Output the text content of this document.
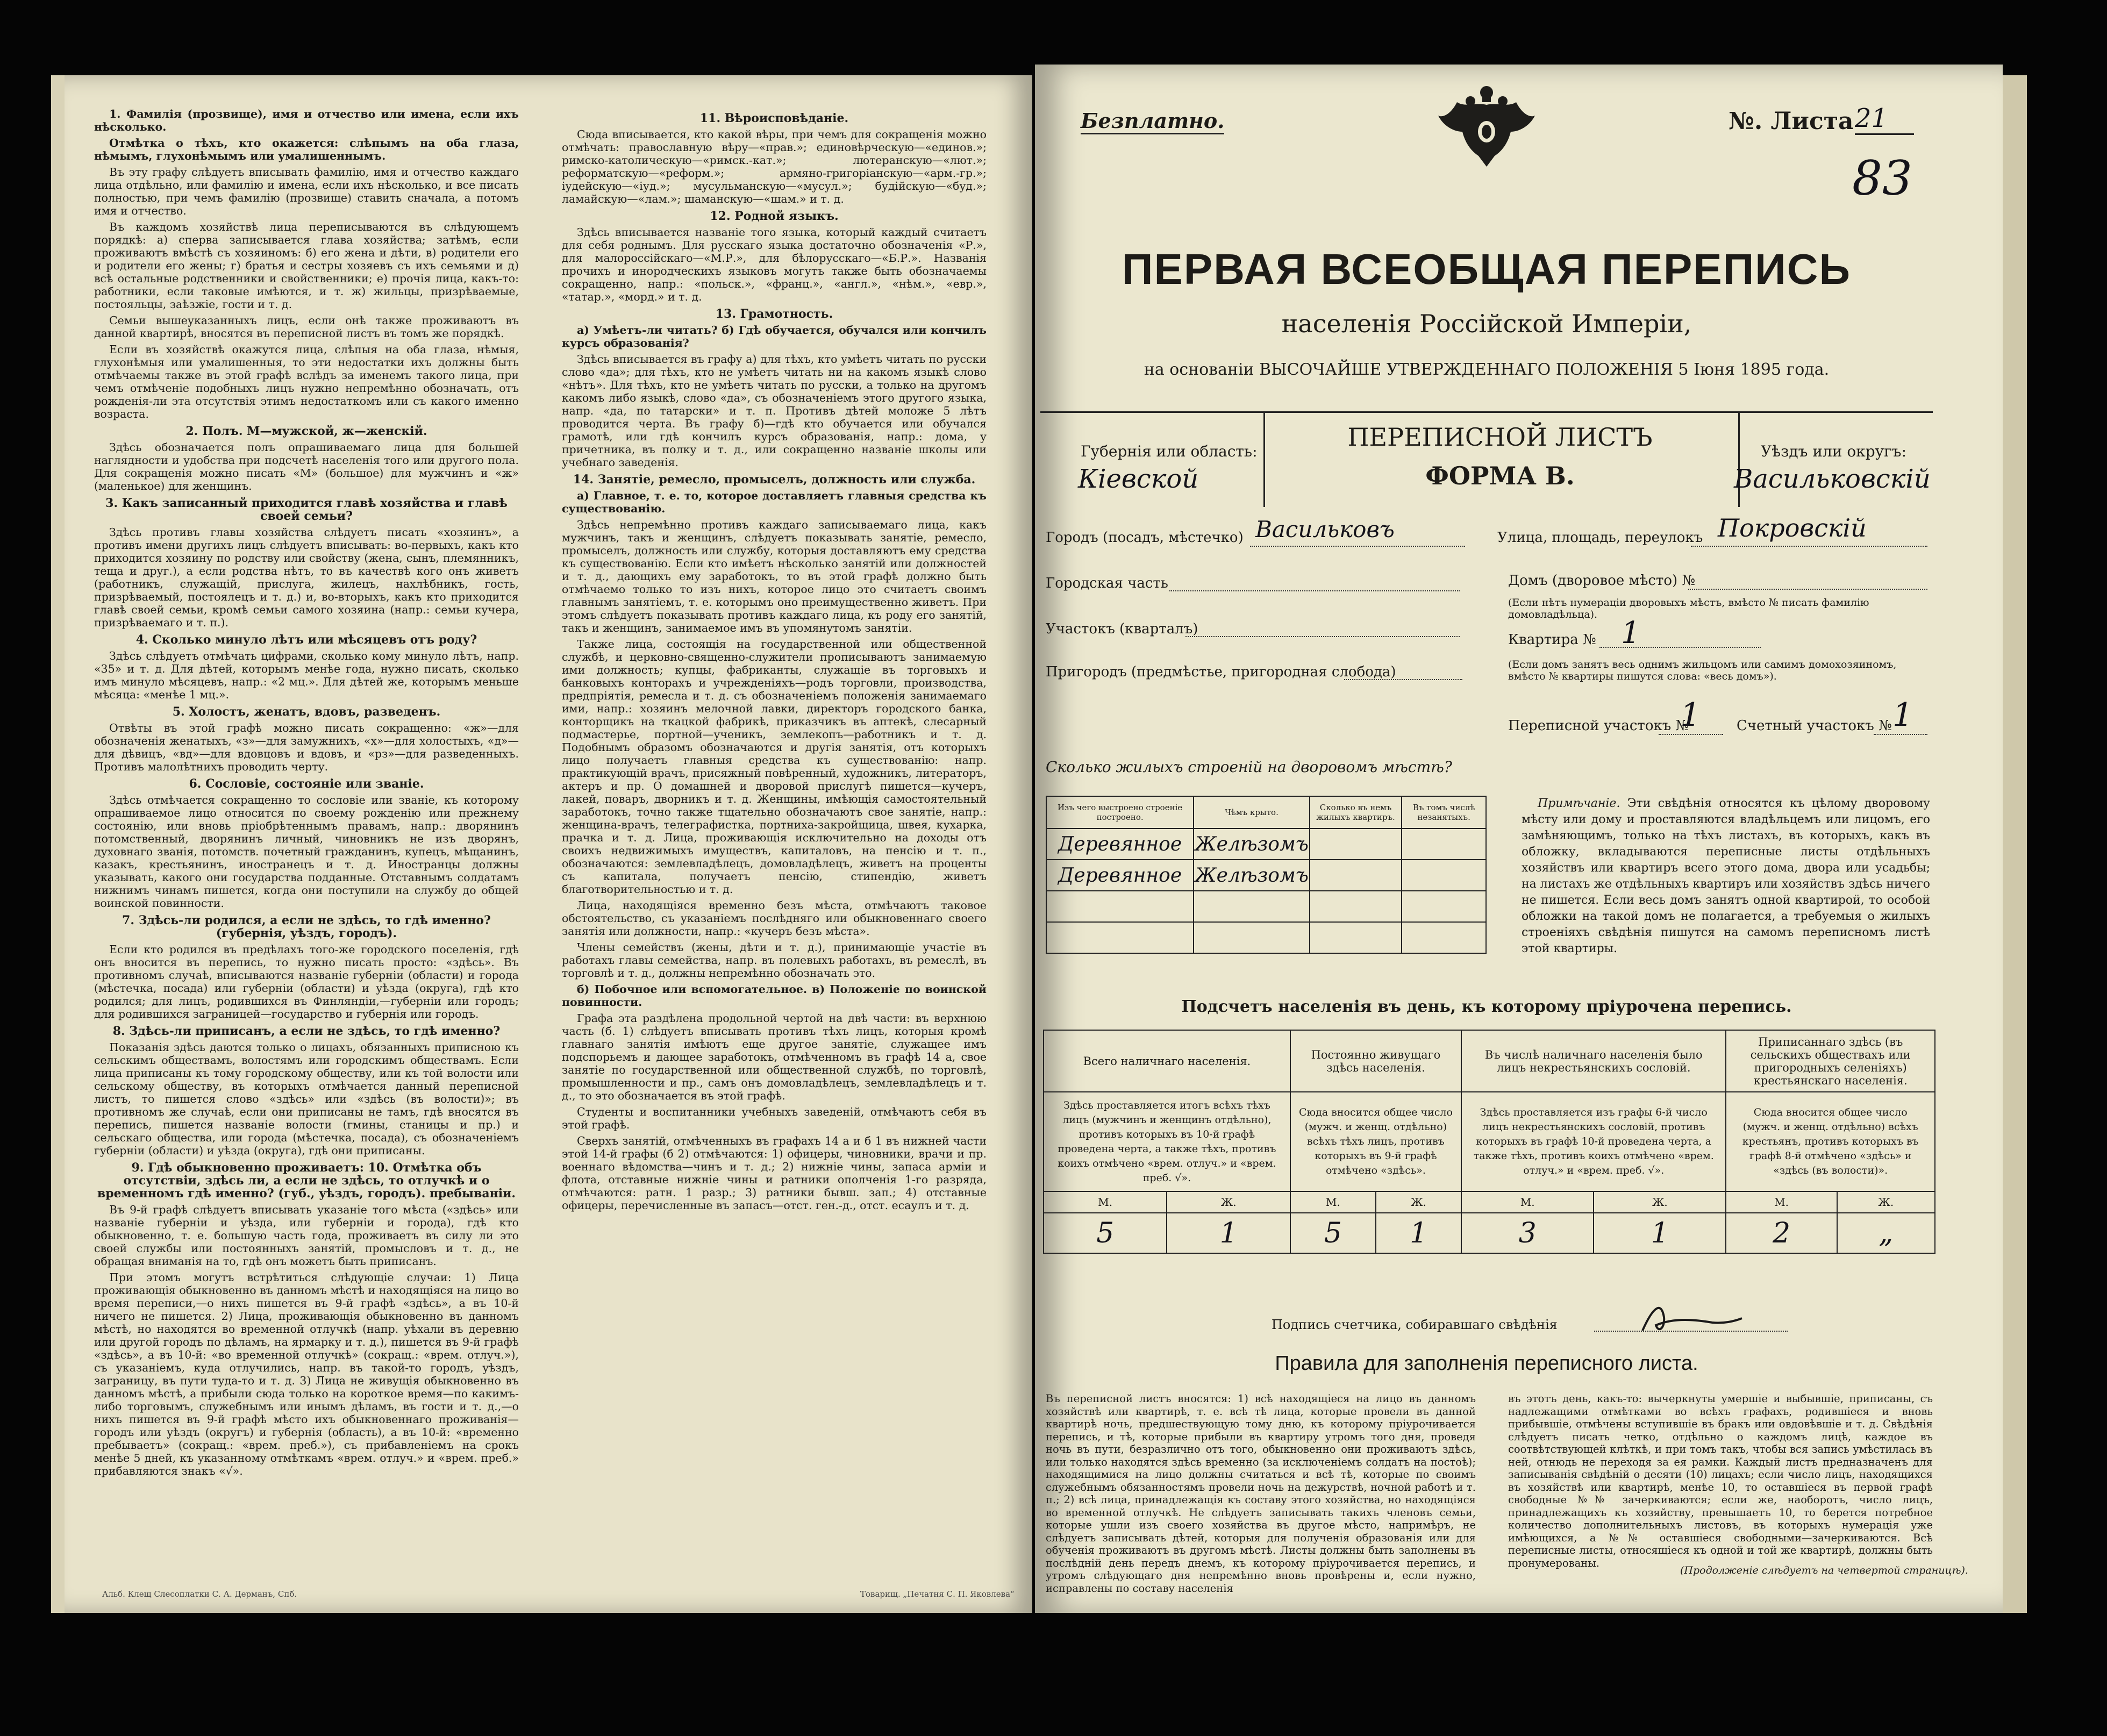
1. Фамилія (прозвище), имя и отчество или имена, если ихъ нѣсколько.

Отмѣтка о тѣхъ, кто окажется: слѣпымъ на оба глаза, нѣмымъ, глухонѣмымъ или умалишеннымъ.

Въ эту графу слѣдуетъ вписывать фамилію, имя и отчество каждаго лица отдѣльно, или фамилію и имена, если ихъ нѣсколько, и все писать полностью, при чемъ фамилію (прозвище) ставить сначала, а потомъ имя и отчество.

Въ каждомъ хозяйствѣ лица переписываются въ слѣдующемъ порядкѣ: а) сперва записывается глава хозяйства; затѣмъ, если проживаютъ вмѣстѣ съ хозяиномъ: б) его жена и дѣти, в) родители его и родители его жены; г) братья и сестры хозяевъ съ ихъ семьями и д) всѣ остальные родственники и свойственники; е) прочія лица, какъ-то: работники, если таковые имѣются, и т. ж) жильцы, призрѣваемые, постояльцы, заѣзжіе, гости и т. д.

Семьи вышеуказанныхъ лицъ, если онѣ также проживаютъ въ данной квартирѣ, вносятся въ переписной листъ въ томъ же порядкѣ.

Если въ хозяйствѣ окажутся лица, слѣпыя на оба глаза, нѣмыя, глухонѣмыя или умалишенныя, то эти недостатки ихъ должны быть отмѣчаемы также въ этой графѣ вслѣдъ за именемъ такого лица, при чемъ отмѣченіе подобныхъ лицъ нужно непремѣнно обозначать, отъ рожденія-ли эта отсутствія этимъ недостаткомъ или съ какого именно возраста.

2. Полъ. М—мужской, ж—женскій.

Здѣсь обозначается полъ опрашиваемаго лица для большей наглядности и удобства при подсчетѣ населенія того или другого пола. Для сокращенія можно писать «М» (большое) для мужчинъ и «ж» (маленькое) для женщинъ.

3. Какъ записанный приходится главѣ хозяйства и главѣ своей семьи?

Здѣсь противъ главы хозяйства слѣдуетъ писать «хозяинъ», а противъ имени другихъ лицъ слѣдуетъ вписывать: во-первыхъ, какъ кто приходится хозяину по родству или свойству (жена, сынъ, племянникъ, теща и друг.), а если родства нѣтъ, то въ качествѣ кого онъ живетъ (работникъ, служащій, прислуга, жилецъ, нахлѣбникъ, гость, призрѣваемый, постоялецъ и т. д.) и, во-вторыхъ, какъ кто приходится главѣ своей семьи, кромѣ семьи самого хозяина (напр.: семьи кучера, призрѣваемаго и т. п.).

4. Сколько минуло лѣтъ или мѣсяцевъ отъ роду?

Здѣсь слѣдуетъ отмѣчать цифрами, сколько кому минуло лѣтъ, напр. «35» и т. д. Для дѣтей, которымъ менѣе года, нужно писать, сколько имъ минуло мѣсяцевъ, напр.: «2 мц.». Для дѣтей же, которымъ меньше мѣсяца: «менѣе 1 мц.».

5. Холостъ, женатъ, вдовъ, разведенъ.

Отвѣты въ этой графѣ можно писать сокращенно: «ж»—для обозначенія женатыхъ, «з»—для замужнихъ, «х»—для холостыхъ, «д»—для дѣвицъ, «вд»—для вдовцовъ и вдовъ, и «рз»—для разведенныхъ. Противъ малолѣтнихъ проводить черту.

6. Сословіе, состояніе или званіе.

Здѣсь отмѣчается сокращенно то сословіе или званіе, къ которому опрашиваемое лицо относится по своему рожденію или прежнему состоянію, или вновь пріобрѣтеннымъ правамъ, напр.: дворянинъ потомственный, дворянинъ личный, чиновникъ не изъ дворянъ, духовнаго званія, потомств. почетный гражданинъ, купецъ, мѣщанинъ, казакъ, крестьянинъ, иностранецъ и т. д. Иностранцы должны указывать, какого они государства подданные. Отставнымъ солдатамъ нижнимъ чинамъ пишется, когда они поступили на службу до общей воинской повинности.

7. Здѣсь-ли родился, а если не здѣсь, то гдѣ именно? (губернія, уѣздъ, городъ).

Если кто родился въ предѣлахъ того-же городского поселенія, гдѣ онъ вносится въ перепись, то нужно писать просто: «здѣсь». Въ противномъ случаѣ, вписываются названіе губерніи (области) и города (мѣстечка, посада) или губерніи (области) и уѣзда (округа), гдѣ кто родился; для лицъ, родившихся въ Финляндіи,—губерніи или городъ; для родившихся заграницей—государство и губернія или городъ.

8. Здѣсь-ли приписанъ, а если не здѣсь, то гдѣ именно?

Показанія здѣсь даются только о лицахъ, обязанныхъ приписною къ сельскимъ обществамъ, волостямъ или городскимъ обществамъ. Если лица приписаны къ тому городскому обществу, или къ той волости или сельскому обществу, въ которыхъ отмѣчается данный переписной листъ, то пишется слово «здѣсь» или «здѣсь (въ волости)»; въ противномъ же случаѣ, если они приписаны не тамъ, гдѣ вносятся въ перепись, пишется названіе волости (гмины, станицы и пр.) и сельскаго общества, или города (мѣстечка, посада), съ обозначеніемъ губерніи (области) и уѣзда (округа), гдѣ они приписаны.

9. Гдѣ обыкновенно проживаетъ: 10. Отмѣтка объ отсутствіи, здѣсь ли, а если не здѣсь, то отлучкѣ и о временномъ гдѣ именно? (губ., уѣздъ, городъ). пребываніи.

Въ 9-й графѣ слѣдуетъ вписывать указаніе того мѣста («здѣсь» или названіе губерніи и уѣзда, или губерніи и города), гдѣ кто обыкновенно, т. е. большую часть года, проживаетъ въ силу ли это своей службы или постоянныхъ занятій, промысловъ и т. д., не обращая вниманія на то, гдѣ онъ можетъ быть приписанъ.

При этомъ могутъ встрѣтиться слѣдующіе случаи: 1) Лица проживающія обыкновенно въ данномъ мѣстѣ и находящіяся на лицо во время переписи,—о нихъ пишется въ 9-й графѣ «здѣсь», а въ 10-й ничего не пишется. 2) Лица, проживающія обыкновенно въ данномъ мѣстѣ, но находятся во временной отлучкѣ (напр. уѣхали въ деревню или другой городъ по дѣламъ, на ярмарку и т. д.), пишется въ 9-й графѣ «здѣсь», а въ 10-й: «во временной отлучкѣ» (сокращ.: «врем. отлуч.»), съ указаніемъ, куда отлучились, напр. въ такой-то городъ, уѣздъ, заграницу, въ пути туда-то и т. д. 3) Лица не живущія обыкновенно въ данномъ мѣстѣ, а прибыли сюда только на короткое время—по какимъ-либо торговымъ, служебнымъ или инымъ дѣламъ, въ гости и т. д.,—о нихъ пишется въ 9-й графѣ мѣсто ихъ обыкновеннаго проживанія—городъ или уѣздъ (округъ) и губернія (область), а въ 10-й: «временно пребываетъ» (сокращ.: «врем. преб.»), съ прибавленіемъ на срокъ менѣе 5 дней, къ указанному отмѣткамъ «врем. отлуч.» и «врем. преб.» прибавляются знакъ «√».

11. Вѣроисповѣданіе.

Сюда вписывается, кто какой вѣры, при чемъ для сокращенія можно отмѣчать: православную вѣру—«прав.»; единовѣрческую—«единов.»; римско-католическую—«римск.-кат.»; лютеранскую—«лют.»; реформатскую—«реформ.»; армяно-григоріанскую—«арм.-гр.»; іудейскую—«іуд.»; мусульманскую—«мусул.»; будійскую—«буд.»; ламайскую—«лам.»; шаманскую—«шам.» и т. д.

12. Родной языкъ.

Здѣсь вписывается названіе того языка, который каждый считаетъ для себя роднымъ. Для русскаго языка достаточно обозначенія «Р.», для малороссійскаго—«М.Р.», для бѣлорусскаго—«Б.Р.». Названія прочихъ и инородческихъ языковъ могутъ также быть обозначаемы сокращенно, напр.: «польск.», «франц.», «англ.», «нѣм.», «евр.», «татар.», «морд.» и т. д.

13. Грамотность.

а) Умѣетъ-ли читать? б) Гдѣ обучается, обучался или кончилъ курсъ образованія?

Здѣсь вписывается въ графу а) для тѣхъ, кто умѣетъ читать по русски слово «да»; для тѣхъ, кто не умѣетъ читать ни на какомъ языкѣ слово «нѣтъ». Для тѣхъ, кто не умѣетъ читать по русски, а только на другомъ какомъ либо языкѣ, слово «да», съ обозначеніемъ этого другого языка, напр. «да, по татарски» и т. п. Противъ дѣтей моложе 5 лѣтъ проводится черта. Въ графу б)—гдѣ кто обучается или обучался грамотѣ, или гдѣ кончилъ курсъ образованія, напр.: дома, у причетника, въ полку и т. д., или сокращенно названіе школы или учебнаго заведенія.

14. Занятіе, ремесло, промыселъ, должность или служба.

а) Главное, т. е. то, которое доставляетъ главныя средства къ существованію.

Здѣсь непремѣнно противъ каждаго записываемаго лица, какъ мужчинъ, такъ и женщинъ, слѣдуетъ показывать занятіе, ремесло, промыселъ, должность или службу, которыя доставляютъ ему средства къ существованію. Если кто имѣетъ нѣсколько занятій или должностей и т. д., дающихъ ему заработокъ, то въ этой графѣ должно быть отмѣчаемо только то изъ нихъ, которое лицо это считаетъ своимъ главнымъ занятіемъ, т. е. которымъ оно преимущественно живетъ. При этомъ слѣдуетъ показывать противъ каждаго лица, къ роду его занятій, такъ и женщинъ, занимаемое имъ въ упомянутомъ занятіи.

Также лица, состоящія на государственной или общественной службѣ, и церковно-священно-служители прописываютъ занимаемую ими должность; купцы, фабриканты, служащіе въ торговыхъ и банковыхъ конторахъ и учрежденіяхъ—родъ торговли, производства, предпріятія, ремесла и т. д. съ обозначеніемъ положенія занимаемаго ими, напр.: хозяинъ мелочной лавки, директоръ городского банка, конторщикъ на ткацкой фабрикѣ, приказчикъ въ аптекѣ, слесарный подмастерье, портной—ученикъ, землекопъ—работникъ и т. д. Подобнымъ образомъ обозначаются и другія занятія, отъ которыхъ лицо получаетъ главныя средства къ существованію: напр. практикующій врачъ, присяжный повѣренный, художникъ, литераторъ, актеръ и пр. О домашней и дворовой прислугѣ пишется—кучеръ, лакей, поваръ, дворникъ и т. д. Женщины, имѣющія самостоятельный заработокъ, точно также тщательно обозначаютъ свое занятіе, напр.: женщина-врачъ, телеграфистка, портниха-закройщица, швея, кухарка, прачка и т. д. Лица, проживающія исключительно на доходы отъ своихъ недвижимыхъ имуществъ, капиталовъ, на пенсію и т. п., обозначаются: землевладѣлецъ, домовладѣлецъ, живетъ на проценты съ капитала, получаетъ пенсію, стипендію, живетъ благотворительностью и т. д.

Лица, находящіяся временно безъ мѣста, отмѣчаютъ таковое обстоятельство, съ указаніемъ послѣдняго или обыкновеннаго своего занятія или должности, напр.: «кучеръ безъ мѣста».

Члены семействъ (жены, дѣти и т. д.), принимающіе участіе въ работахъ главы семейства, напр. въ полевыхъ работахъ, въ ремеслѣ, въ торговлѣ и т. д., должны непремѣнно обозначать это.

б) Побочное или вспомогательное. в) Положеніе по воинской повинности.

Графа эта раздѣлена продольной чертой на двѣ части: въ верхнюю часть (б. 1) слѣдуетъ вписывать противъ тѣхъ лицъ, которыя кромѣ главнаго занятія имѣютъ еще другое занятіе, служащее имъ подспорьемъ и дающее заработокъ, отмѣченномъ въ графѣ 14 а, свое занятіе по государственной или общественной службѣ, по торговлѣ, промышленности и пр., самъ онъ домовладѣлецъ, землевладѣлецъ и т. д., то это обозначается въ этой графѣ.

Студенты и воспитанники учебныхъ заведеній, отмѣчаютъ себя въ этой графѣ.

Сверхъ занятій, отмѣченныхъ въ графахъ 14 а и б 1 въ нижней части этой 14-й графы (б 2) отмѣчаются: 1) офицеры, чиновники, врачи и пр. военнаго вѣдомства—чинъ и т. д.; 2) нижніе чины, запаса армiи и флота, отставные нижніе чины и ратники ополченія 1-го разряда, отмѣчаются: ратн. 1 разр.; 3) ратники бывш. зап.; 4) отставные офицеры, перечисленные въ запасъ—отст. ген.-д., отст. есаулъ и т. д.

Альб. Клещ Слесоплатки С. А. Дерманъ, Спб.	Товарищ. „Печатня С. П. Яковлева“
Безплатно.	№. Листа 21
83
ПЕРВАЯ ВСЕОБЩАЯ ПЕРЕПИСЬ
населенія Россійской Имперіи,
на основаніи ВЫСОЧАЙШЕ УТВЕРЖДЕННАГО ПОЛОЖЕНІЯ 5 Іюня 1895 года.
Губернія или область:
Кіевской
ПЕРЕПИСНОЙ ЛИСТЪ
ФОРМА В.
Уѣздъ или округъ:
Васильковскій
Городъ (посадъ, мѣстечко) Васильковъ	Улица, площадь, переулокъ Покровскій
Городская часть	Домъ (дворовое мѣсто) №
(Если нѣтъ нумераціи дворовыхъ мѣстъ, вмѣсто № писать фамилію домовладѣльца).
Участокъ (кварталъ)
Квартира № 1
Пригородъ (предмѣстье, пригородная слобода)	(Если домъ занятъ весь однимъ жильцомъ или самимъ домохозяиномъ, вмѣсто № квартиры пишутся слова: «весь домъ»).
Переписной участокъ №
1	Счетный участокъ № 1
Сколько жилыхъ строеній на дворовомъ мѣстѣ?
Изъ чего выстроено строеніе построено.	Чѣмъ крыто.	Сколько въ немъ жилыхъ квартиръ.	Въ томъ числѣ незанятыхъ.
Деревянное	Желѣзомъ		
Деревянное	Желѣзомъ		

Примѣчаніе. Эти свѣдѣнія относятся къ цѣлому дворовому мѣсту или дому и проставляются владѣльцемъ или лицомъ, его замѣняющимъ, только на тѣхъ листахъ, въ которыхъ, какъ въ обложку, вкладываются переписные листы отдѣльныхъ хозяйствъ или квартиръ всего этого дома, двора или усадьбы; на листахъ же отдѣльныхъ квартиръ или хозяйствъ здѣсь ничего не пишется. Если весь домъ занятъ одной квартирой, то особой обложки на такой домъ не полагается, а требуемыя о жилыхъ строеніяхъ свѣдѣнія пишутся на самомъ переписномъ листѣ этой квартиры.
Подсчетъ населенія въ день, къ которому пріурочена перепись.
Всего наличнаго населенія.		Постоянно живущаго здѣсь населенія.		Въ числѣ наличнаго населенія было лицъ некрестьянскихъ сословій.		Приписаннаго здѣсь (въ сельскихъ обществахъ или пригородныхъ селеніяхъ) крестьянскаго населенія.	
Здѣсь проставляется итогъ всѣхъ тѣхъ лицъ (мужчинъ и женщинъ отдѣльно), противъ которыхъ въ 10-й графѣ проведена черта, а также тѣхъ, противъ коихъ отмѣчено «врем. отлуч.» и «врем. преб. √».		Сюда вносится общее число (мужч. и женщ. отдѣльно) всѣхъ тѣхъ лицъ, противъ которыхъ въ 9-й графѣ отмѣчено «здѣсь».		Здѣсь проставляется изъ графы 6-й число лицъ некрестьянскихъ сословій, противъ которыхъ въ графѣ 10-й проведена черта, а также тѣхъ, противъ коихъ отмѣчено «врем. отлуч.» и «врем. преб. √».		Сюда вносится общее число (мужч. и женщ. отдѣльно) всѣхъ крестьянъ, противъ которыхъ въ графѣ 8-й отмѣчено «здѣсь» и «здѣсь (въ волости)».	
М.	Ж.	М.	Ж.	М.	Ж.	М.	Ж.
5	1	5	1	3	1	2	„
Подпись счетчика, собиравшаго свѣдѣнія
Правила для заполненія переписного листа.
Въ переписной листъ вносятся: 1) всѣ находящіеся на лицо въ данномъ хозяйствѣ или квартирѣ, т. е. всѣ тѣ лица, которые провели въ данной квартирѣ ночь, предшествующую тому дню, къ которому пріурочивается перепись, и тѣ, которые прибыли въ квартиру утромъ того дня, проведя ночь въ пути, безразлично отъ того, обыкновенно они проживаютъ здѣсь, или только находятся здѣсь временно (за исключеніемъ солдатъ на постоѣ); находящимися на лицо должны считаться и всѣ тѣ, которые по своимъ служебнымъ обязанностямъ провели ночь на дежурствѣ, ночной работѣ и т. п.; 2) всѣ лица, принадлежащія къ составу этого хозяйства, но находящіяся во временной отлучкѣ. Не слѣдуетъ записывать такихъ членовъ семьи, которые ушли изъ своего хозяйства въ другое мѣсто, напримѣръ, не слѣдуетъ записывать дѣтей, которыя для полученія образованія или для обученія проживаютъ въ другомъ мѣстѣ. Листы должны быть заполнены въ послѣдній день передъ днемъ, къ которому пріурочивается перепись, и утромъ слѣдующаго дня непремѣнно вновь провѣрены и, если нужно, исправлены по составу населенія
въ этотъ день, какъ-то: вычеркнуты умершіе и выбывшіе, приписаны, съ надлежащими отмѣтками во всѣхъ графахъ, родившіеся и вновь прибывшіе, отмѣчены вступившіе въ бракъ или овдовѣвшіе и т. д. Свѣдѣнія слѣдуетъ писать четко, отдѣльно о каждомъ лицѣ, каждое въ соотвѣтствующей клѣткѣ, и при томъ такъ, чтобы вся запись умѣстилась въ ней, отнюдь не переходя за ея рамки. Каждый листъ предназначенъ для записыванія свѣдѣній о десяти (10) лицахъ; если число лицъ, находящихся въ хозяйствѣ или квартирѣ, менѣе 10, то оставшіеся въ первой графѣ свободные №№ зачеркиваются; если же, наоборотъ, число лицъ, принадлежащихъ къ хозяйству, превышаетъ 10, то берется потребное количество дополнительныхъ листовъ, въ которыхъ нумерація уже имѣющихся, а №№ оставшіеся свободными—зачеркиваются. Всѣ переписные листы, относящіеся къ одной и той же квартирѣ, должны быть пронумерованы.
(Продолженіе слѣдуетъ на четвертой страницѣ).
